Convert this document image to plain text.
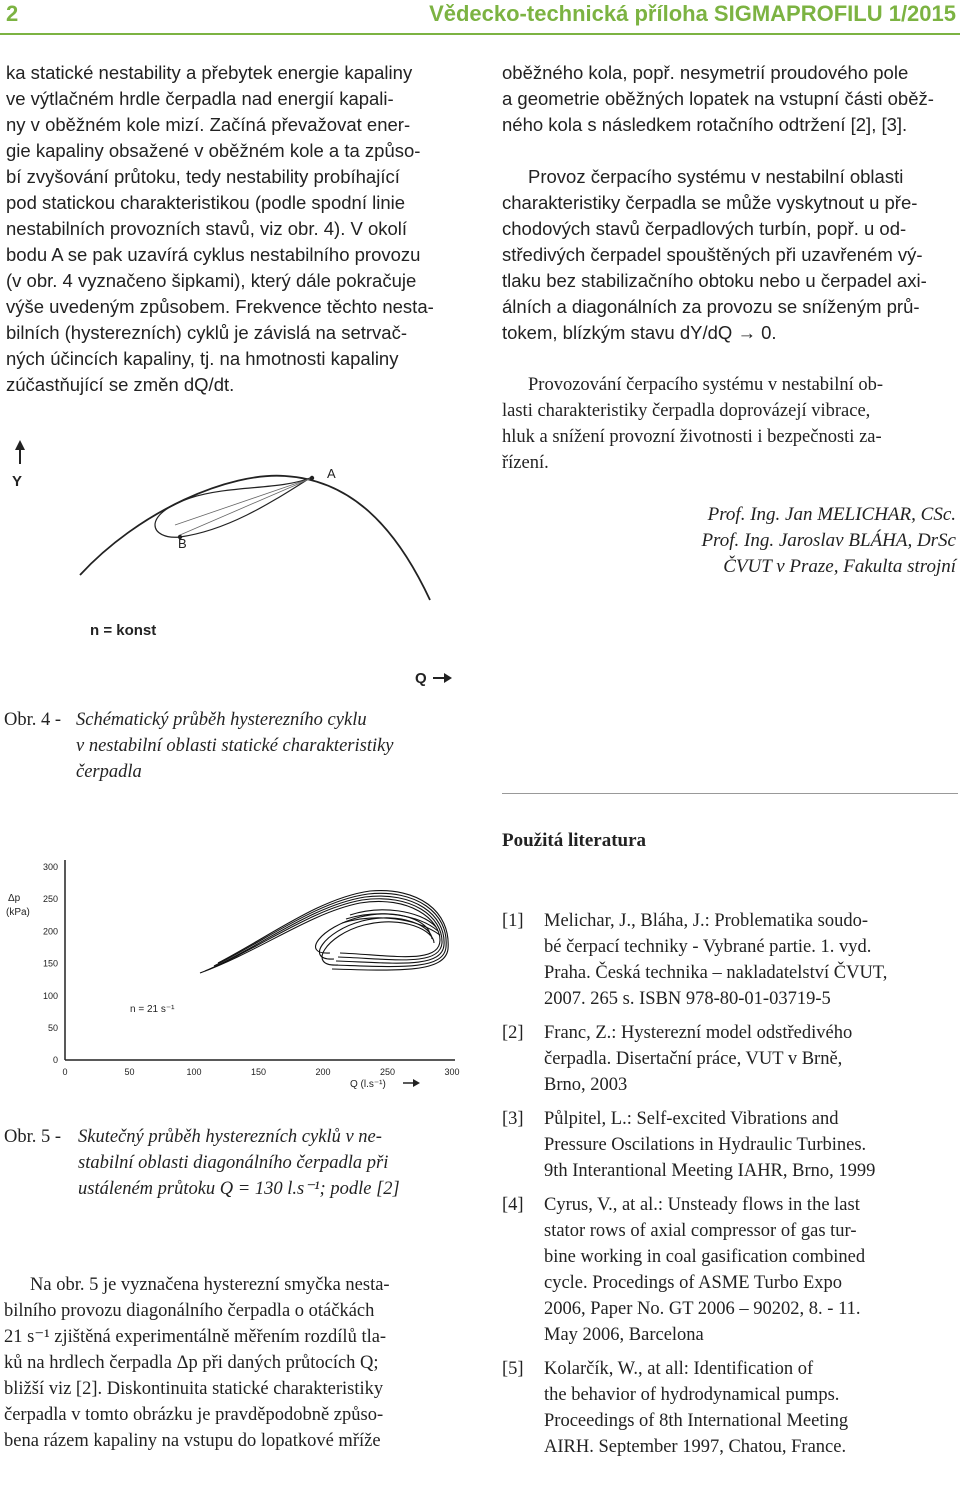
2	Vědecko-technická příloha SIGMAPROFILU 1/2015
ka statické nestability a přebytek energie kapaliny
ve výtlačném hrdle čerpadla nad energií kapali-
ny v oběžném kole mizí. Začíná převažovat ener-
gie kapaliny obsažené v oběžném kole a ta způso-
bí zvyšování průtoku, tedy nestability probíhající
pod statickou charakteristikou (podle spodní linie
nestabilních provozních stavů, viz obr. 4). V okolí
bodu A se pak uzavírá cyklus nestabilního provozu
(v obr. 4 vyznačeno šipkami), který dále pokračuje
výše uvedeným způsobem. Frekvence těchto nesta-
bilních (hysterezních) cyklů je závislá na setrvač-
ných účincích kapaliny, tj. na hmotnosti kapaliny
zúčastňující se změn dQ/dt.
Y	A
B
n = konst
Q
Obr. 4 - Schématický průběh hysterezního cyklu
v nestabilní oblasti statické charakteristiky
čerpadla
300
250
200
150
100
50
0
0	50	100	150	200	250	300
Δp
(kPa)
n = 21 s⁻¹
Q (l.s⁻¹)
Obr. 5 - Skutečný průběh hysterezních cyklů v ne-
stabilní oblasti diagonálního čerpadla při
ustáleném průtoku Q = 130 l.s⁻¹; podle [2]
Na obr. 5 je vyznačena hysterezní smyčka nesta-
bilního provozu diagonálního čerpadla o otáčkách
21 s⁻¹ zjištěná experimentálně měřením rozdílů tla-
ků na hrdlech čerpadla Δp při daných průtocích Q;
bližší viz [2]. Diskontinuita statické charakteristiky
čerpadla v tomto obrázku je pravděpodobně způso-
bena rázem kapaliny na vstupu do lopatkové mříže
oběžného kola, popř. nesymetrií proudového pole
a geometrie oběžných lopatek na vstupní části oběž-
ného kola s následkem rotačního odtržení [2], [3].
Provoz čerpacího systému v nestabilní oblasti
charakteristiky čerpadla se může vyskytnout u pře-
chodových stavů čerpadlových turbín, popř. u od-
středivých čerpadel spouštěných při uzavřeném vý-
tlaku bez stabilizačního obtoku nebo u čerpadel axi-
álních a diagonálních za provozu se sníženým prů-
tokem, blízkým stavu dY/dQ → 0.
Provozování čerpacího systému v nestabilní ob-
lasti charakteristiky čerpadla doprovázejí vibrace,
hluk a snížení provozní životnosti i bezpečnosti za-
řízení.
Prof. Ing. Jan MELICHAR, CSc.
Prof. Ing. Jaroslav BLÁHA, DrSc
ČVUT v Praze, Fakulta strojní
Použitá literatura
[1]	Melichar, J., Bláha, J.: Problematika soudo-
bé čerpací techniky - Vybrané partie. 1. vyd.
Praha. Česká technika – nakladatelství ČVUT,
2007. 265 s. ISBN 978-80-01-03719-5
[2]	Franc, Z.: Hysterezní model odstředivého
čerpadla. Disertační práce, VUT v Brně,
Brno, 2003
[3]	Půlpitel, L.: Self-excited Vibrations and
Pressure Oscilations in Hydraulic Turbines.
9th Interantional Meeting IAHR, Brno, 1999
[4]	Cyrus, V., at al.: Unsteady flows in the last
stator rows of axial compressor of gas tur-
bine working in coal gasification combined
cycle. Procedings of ASME Turbo Expo
2006, Paper No. GT 2006 – 90202, 8. - 11.
May 2006, Barcelona
[5]	Kolarčík, W., at all: Identification of
the behavior of hydrodynamical pumps.
Proceedings of 8th International Meeting
AIRH. September 1997, Chatou, France.
